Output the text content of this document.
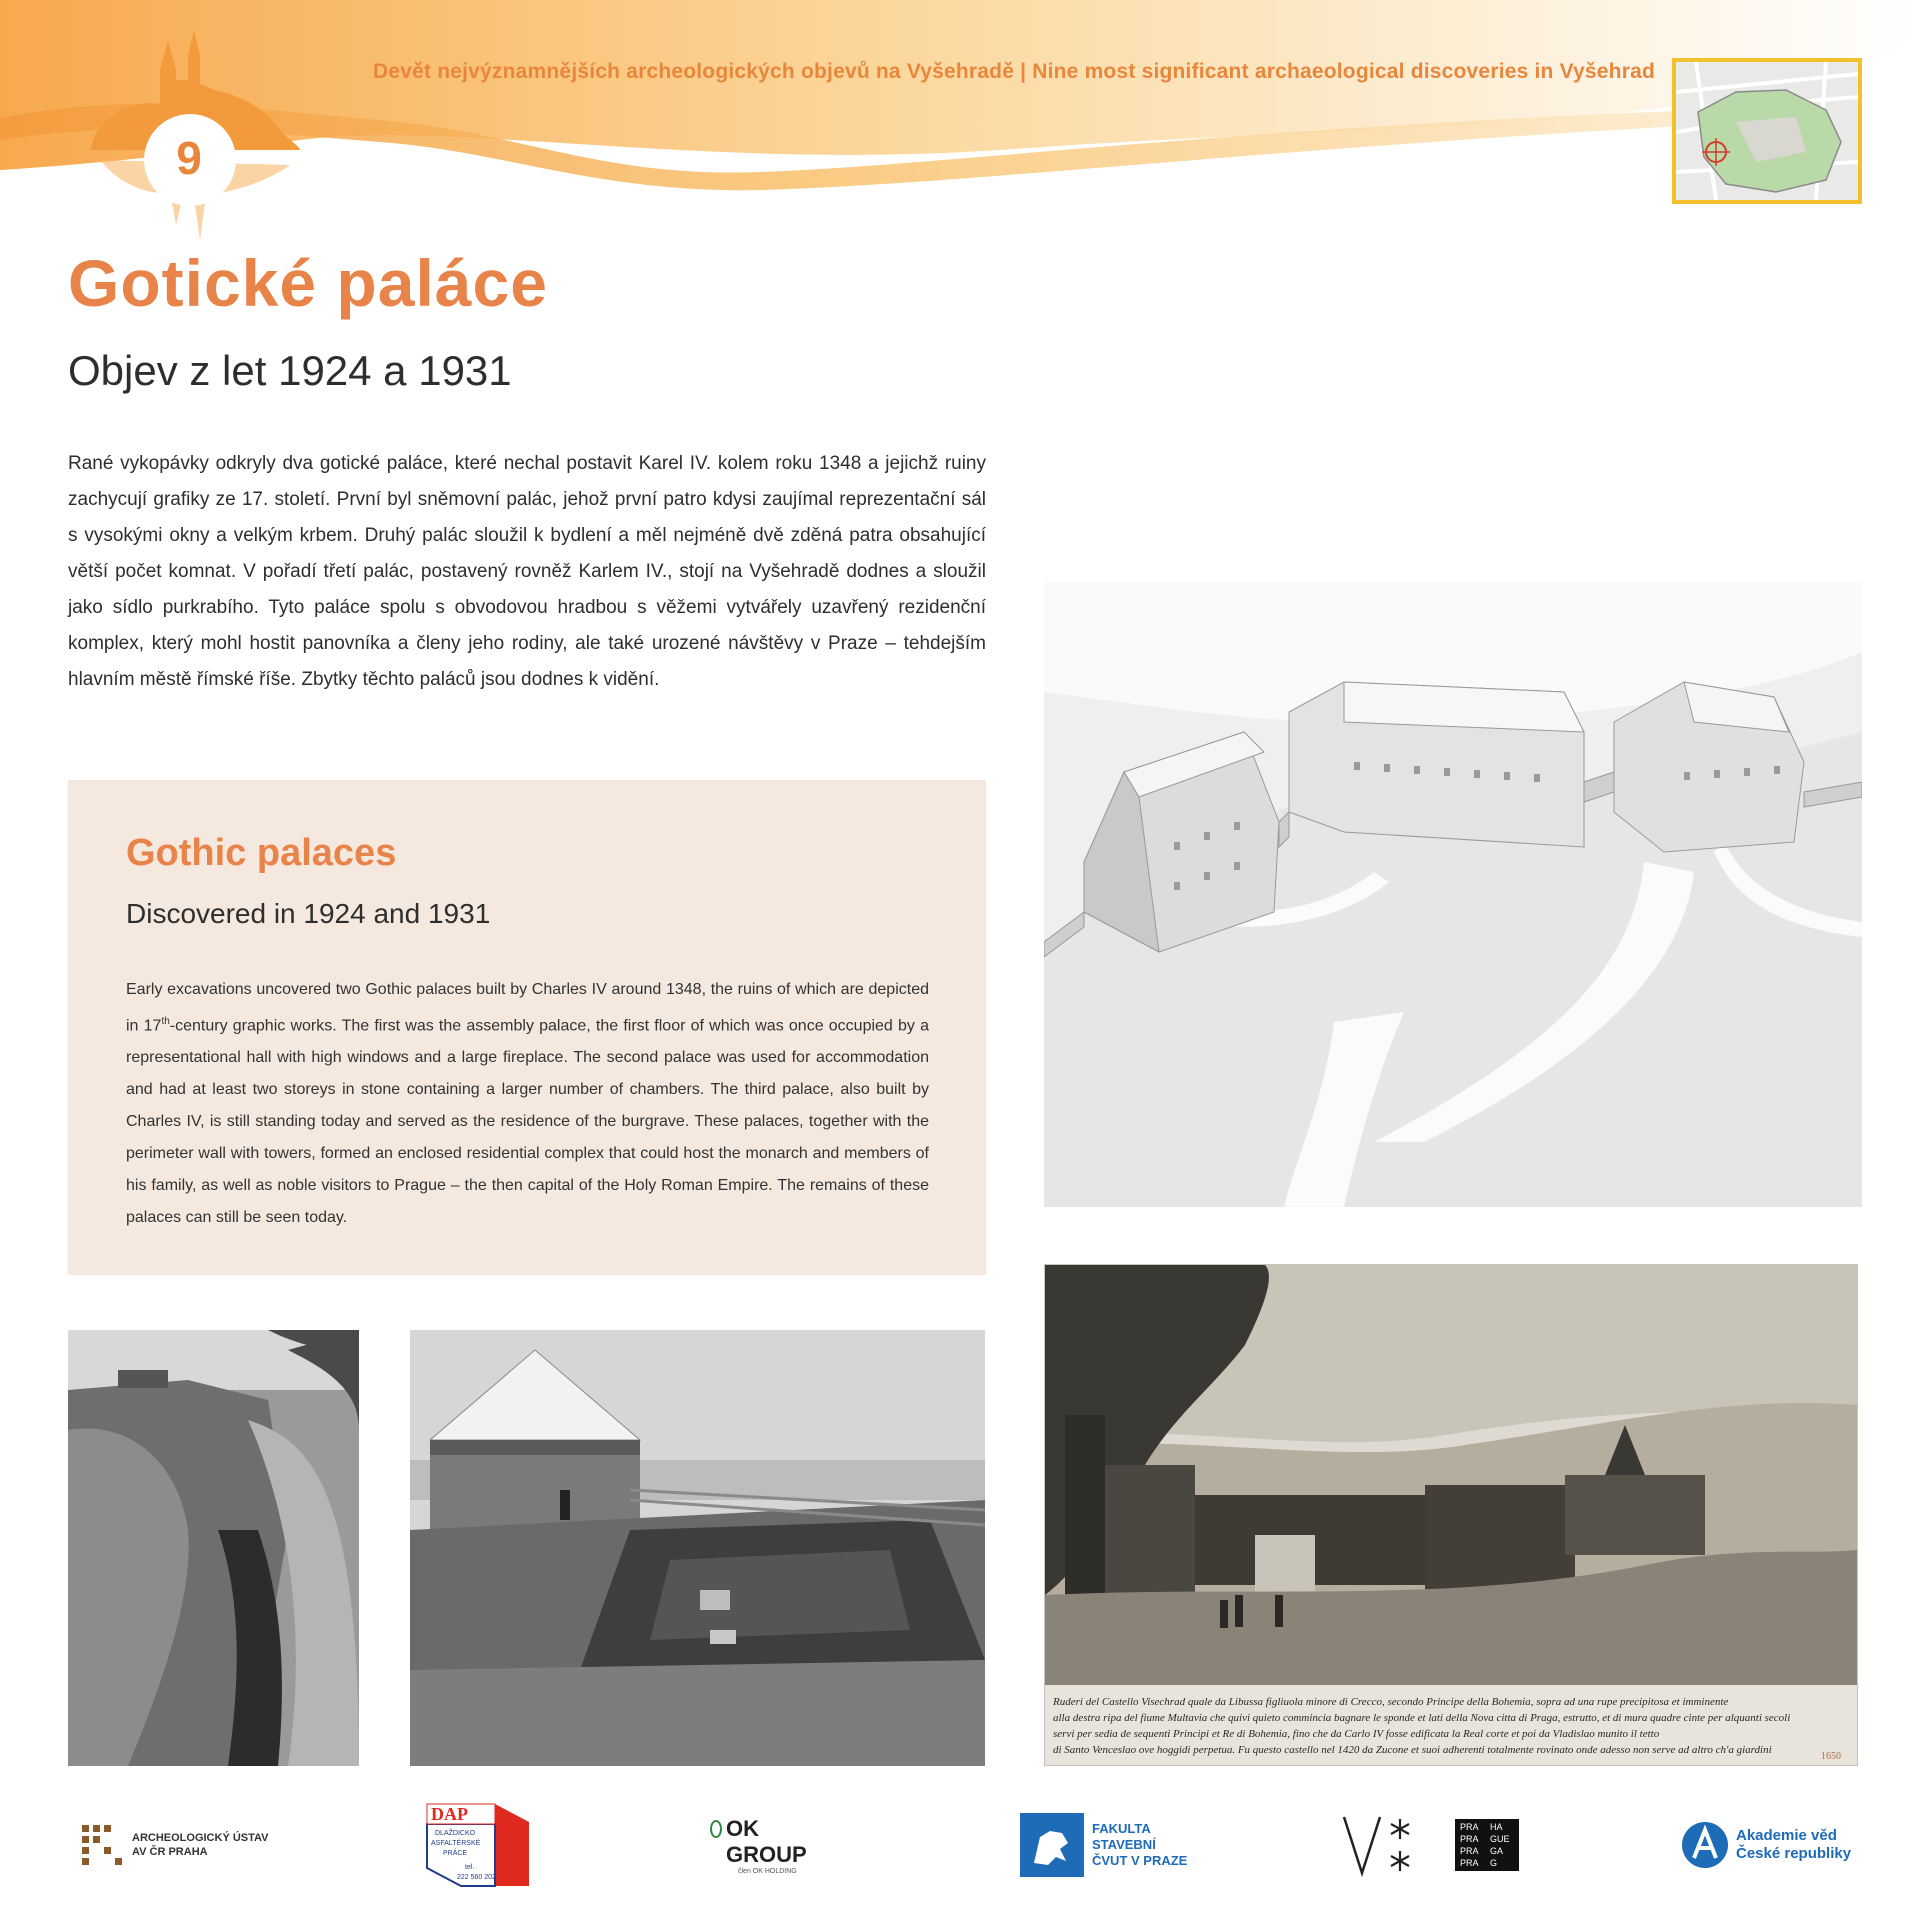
9
Devět nejvýznamnějších archeologických objevů na Vyšehradě | Nine most significant archaeological discoveries in Vyšehrad
Gotické paláce
Objev z let 1924 a 1931
Rané vykopávky odkryly dva gotické paláce, které nechal postavit Karel IV. kolem roku 1348 a jejichž ruiny zachycují grafiky ze 17. století. První byl sněmovní palác, jehož první patro kdysi zaujímal reprezentační sál s vysokými okny a velkým krbem. Druhý palác sloužil k bydlení a měl nejméně dvě zděná patra obsahující větší počet komnat. V pořadí třetí palác, postavený rovněž Karlem IV., stojí na Vyšehradě dodnes a sloužil jako sídlo purkrabího. Tyto paláce spolu s obvodovou hradbou s věžemi vytvářely uzavřený rezidenční komplex, který mohl hostit panovníka a členy jeho rodiny, ale také urozené návštěvy v Praze – tehdejším hlavním městě římské říše. Zbytky těchto paláců jsou dodnes k vidění.
Gothic palaces
Discovered in 1924 and 1931
Early excavations uncovered two Gothic palaces built by Charles IV around 1348, the ruins of which are depicted in 17th-century graphic works. The first was the assembly palace, the first floor of which was once occupied by a representational hall with high windows and a large fireplace. The second palace was used for accommodation and had at least two storeys in stone containing a larger number of chambers. The third palace, also built by Charles IV, is still standing today and served as the residence of the burgrave. These palaces, together with the perimeter wall with towers, formed an enclosed residential complex that could host the monarch and members of his family, as well as noble visitors to Prague – the then capital of the Holy Roman Empire. The remains of these palaces can still be seen today.
Ruderi del Castello Visechrad quale da Libussa figliuola minore di Crecco, secondo Principe della Bohemia, sopra ad una rupe precipitosa et imminente
alla destra ripa del fiume Multavia che quivi quieto commincia bagnare le sponde et lati della Nova citta di Praga, estrutto, et di mura quadre cinte per alquanti secoli
servi per sedia de sequenti Principi et Re di Bohemia, fino che da Carlo IV fosse edificata la Real corte et poi da Vladislao munito il tetto
di Santo Venceslao ove hoggidi perpetua. Fu questo castello nel 1420 da Zucone et suoi adherenti totalmente rovinato onde adesso non serve ad altro ch'a giardini
1650
ARCHEOLOGICKÝ ÚSTAV
AV ČR PRAHA
DAP
DLAŽDICKO
ASFALTÉRSKÉ
PRÁCE
tel.
222 560 202
OK
GROUP
člen OK HOLDING
FAKULTA
STAVEBNÍ
ČVUT V PRAZE
PRA	HA
PRA	GUE
PRA	GA
PRA	G
Akademie věd
České republiky
